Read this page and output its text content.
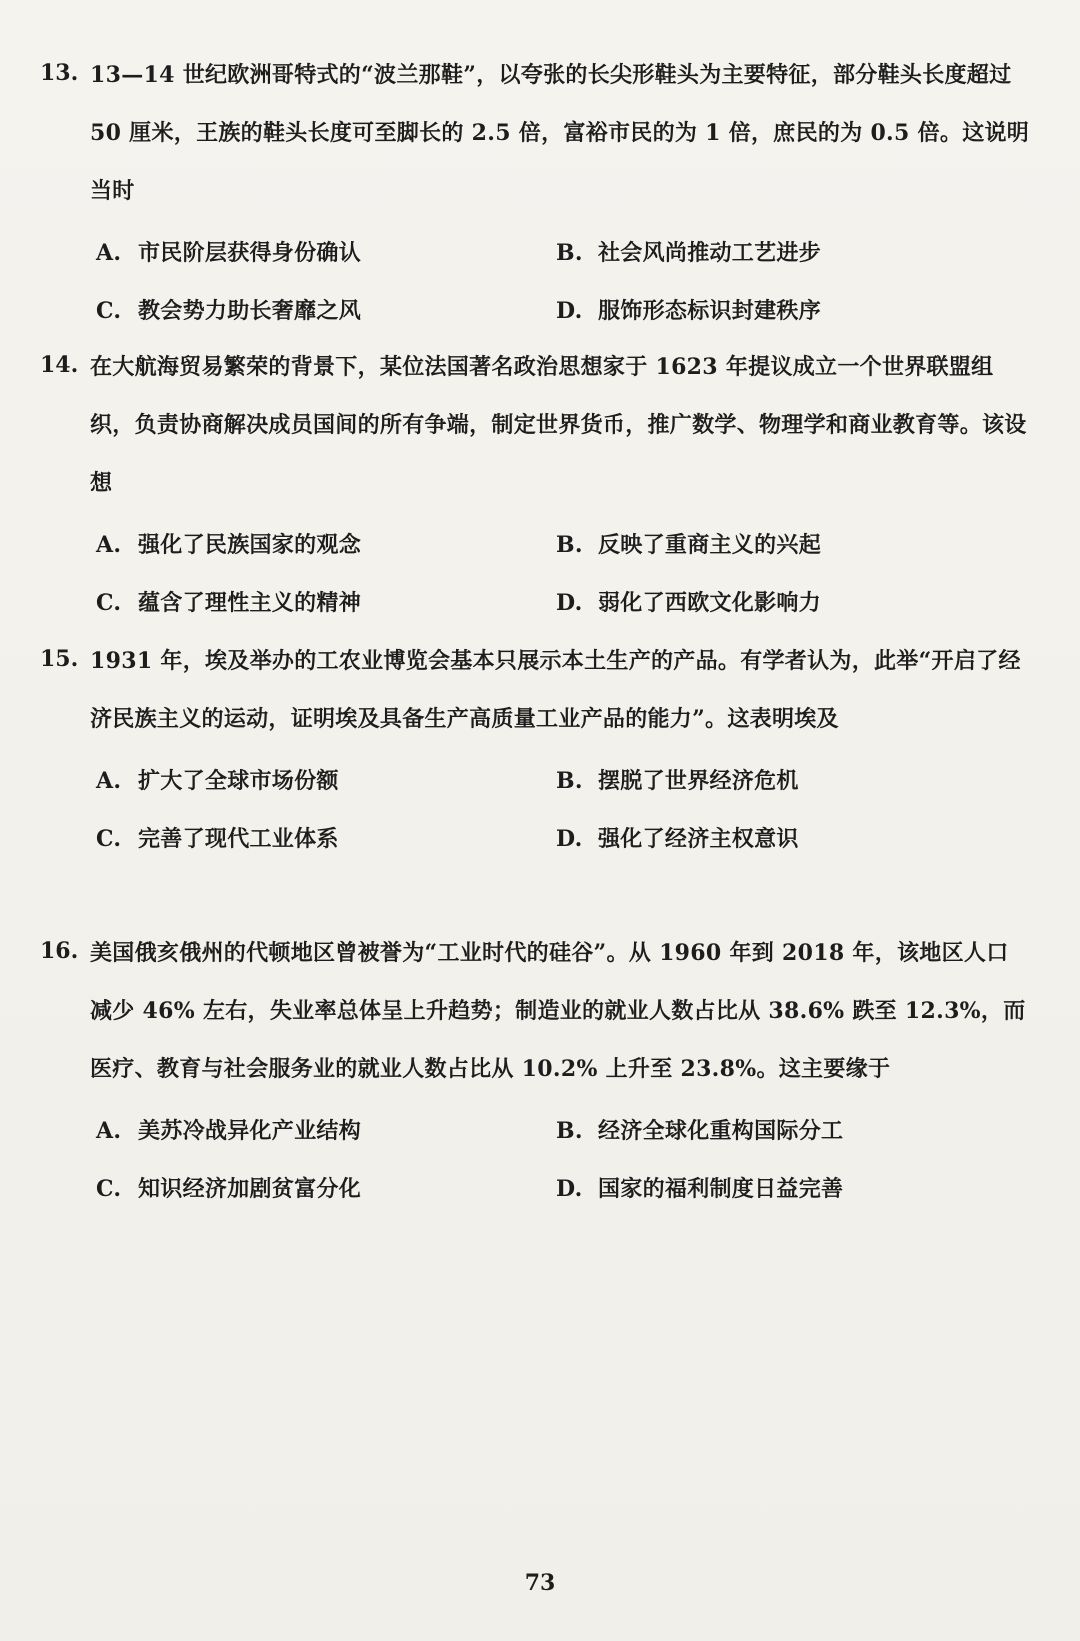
13. 13—14 世纪欧洲哥特式的“波兰那鞋”，以夸张的长尖形鞋头为主要特征，部分鞋头长度超过 50 厘米，王族的鞋头长度可至脚长的 2.5 倍，富裕市民的为 1 倍，庶民的为 0.5 倍。这说明当时
A. 市民阶层获得身份确认	B. 社会风尚推动工艺进步
C. 教会势力助长奢靡之风	D. 服饰形态标识封建秩序
14. 在大航海贸易繁荣的背景下，某位法国著名政治思想家于 1623 年提议成立一个世界联盟组织，负责协商解决成员国间的所有争端，制定世界货币，推广数学、物理学和商业教育等。该设想
A. 强化了民族国家的观念	B. 反映了重商主义的兴起
C. 蕴含了理性主义的精神	D. 弱化了西欧文化影响力
15. 1931 年，埃及举办的工农业博览会基本只展示本土生产的产品。有学者认为，此举“开启了经济民族主义的运动，证明埃及具备生产高质量工业产品的能力”。这表明埃及
A. 扩大了全球市场份额	B. 摆脱了世界经济危机
C. 完善了现代工业体系	D. 强化了经济主权意识
16. 美国俄亥俄州的代顿地区曾被誉为“工业时代的硅谷”。从 1960 年到 2018 年，该地区人口减少 46% 左右，失业率总体呈上升趋势；制造业的就业人数占比从 38.6% 跌至 12.3%，而医疗、教育与社会服务业的就业人数占比从 10.2% 上升至 23.8%。这主要缘于
A. 美苏冷战异化产业结构	B. 经济全球化重构国际分工
C. 知识经济加剧贫富分化	D. 国家的福利制度日益完善
73
